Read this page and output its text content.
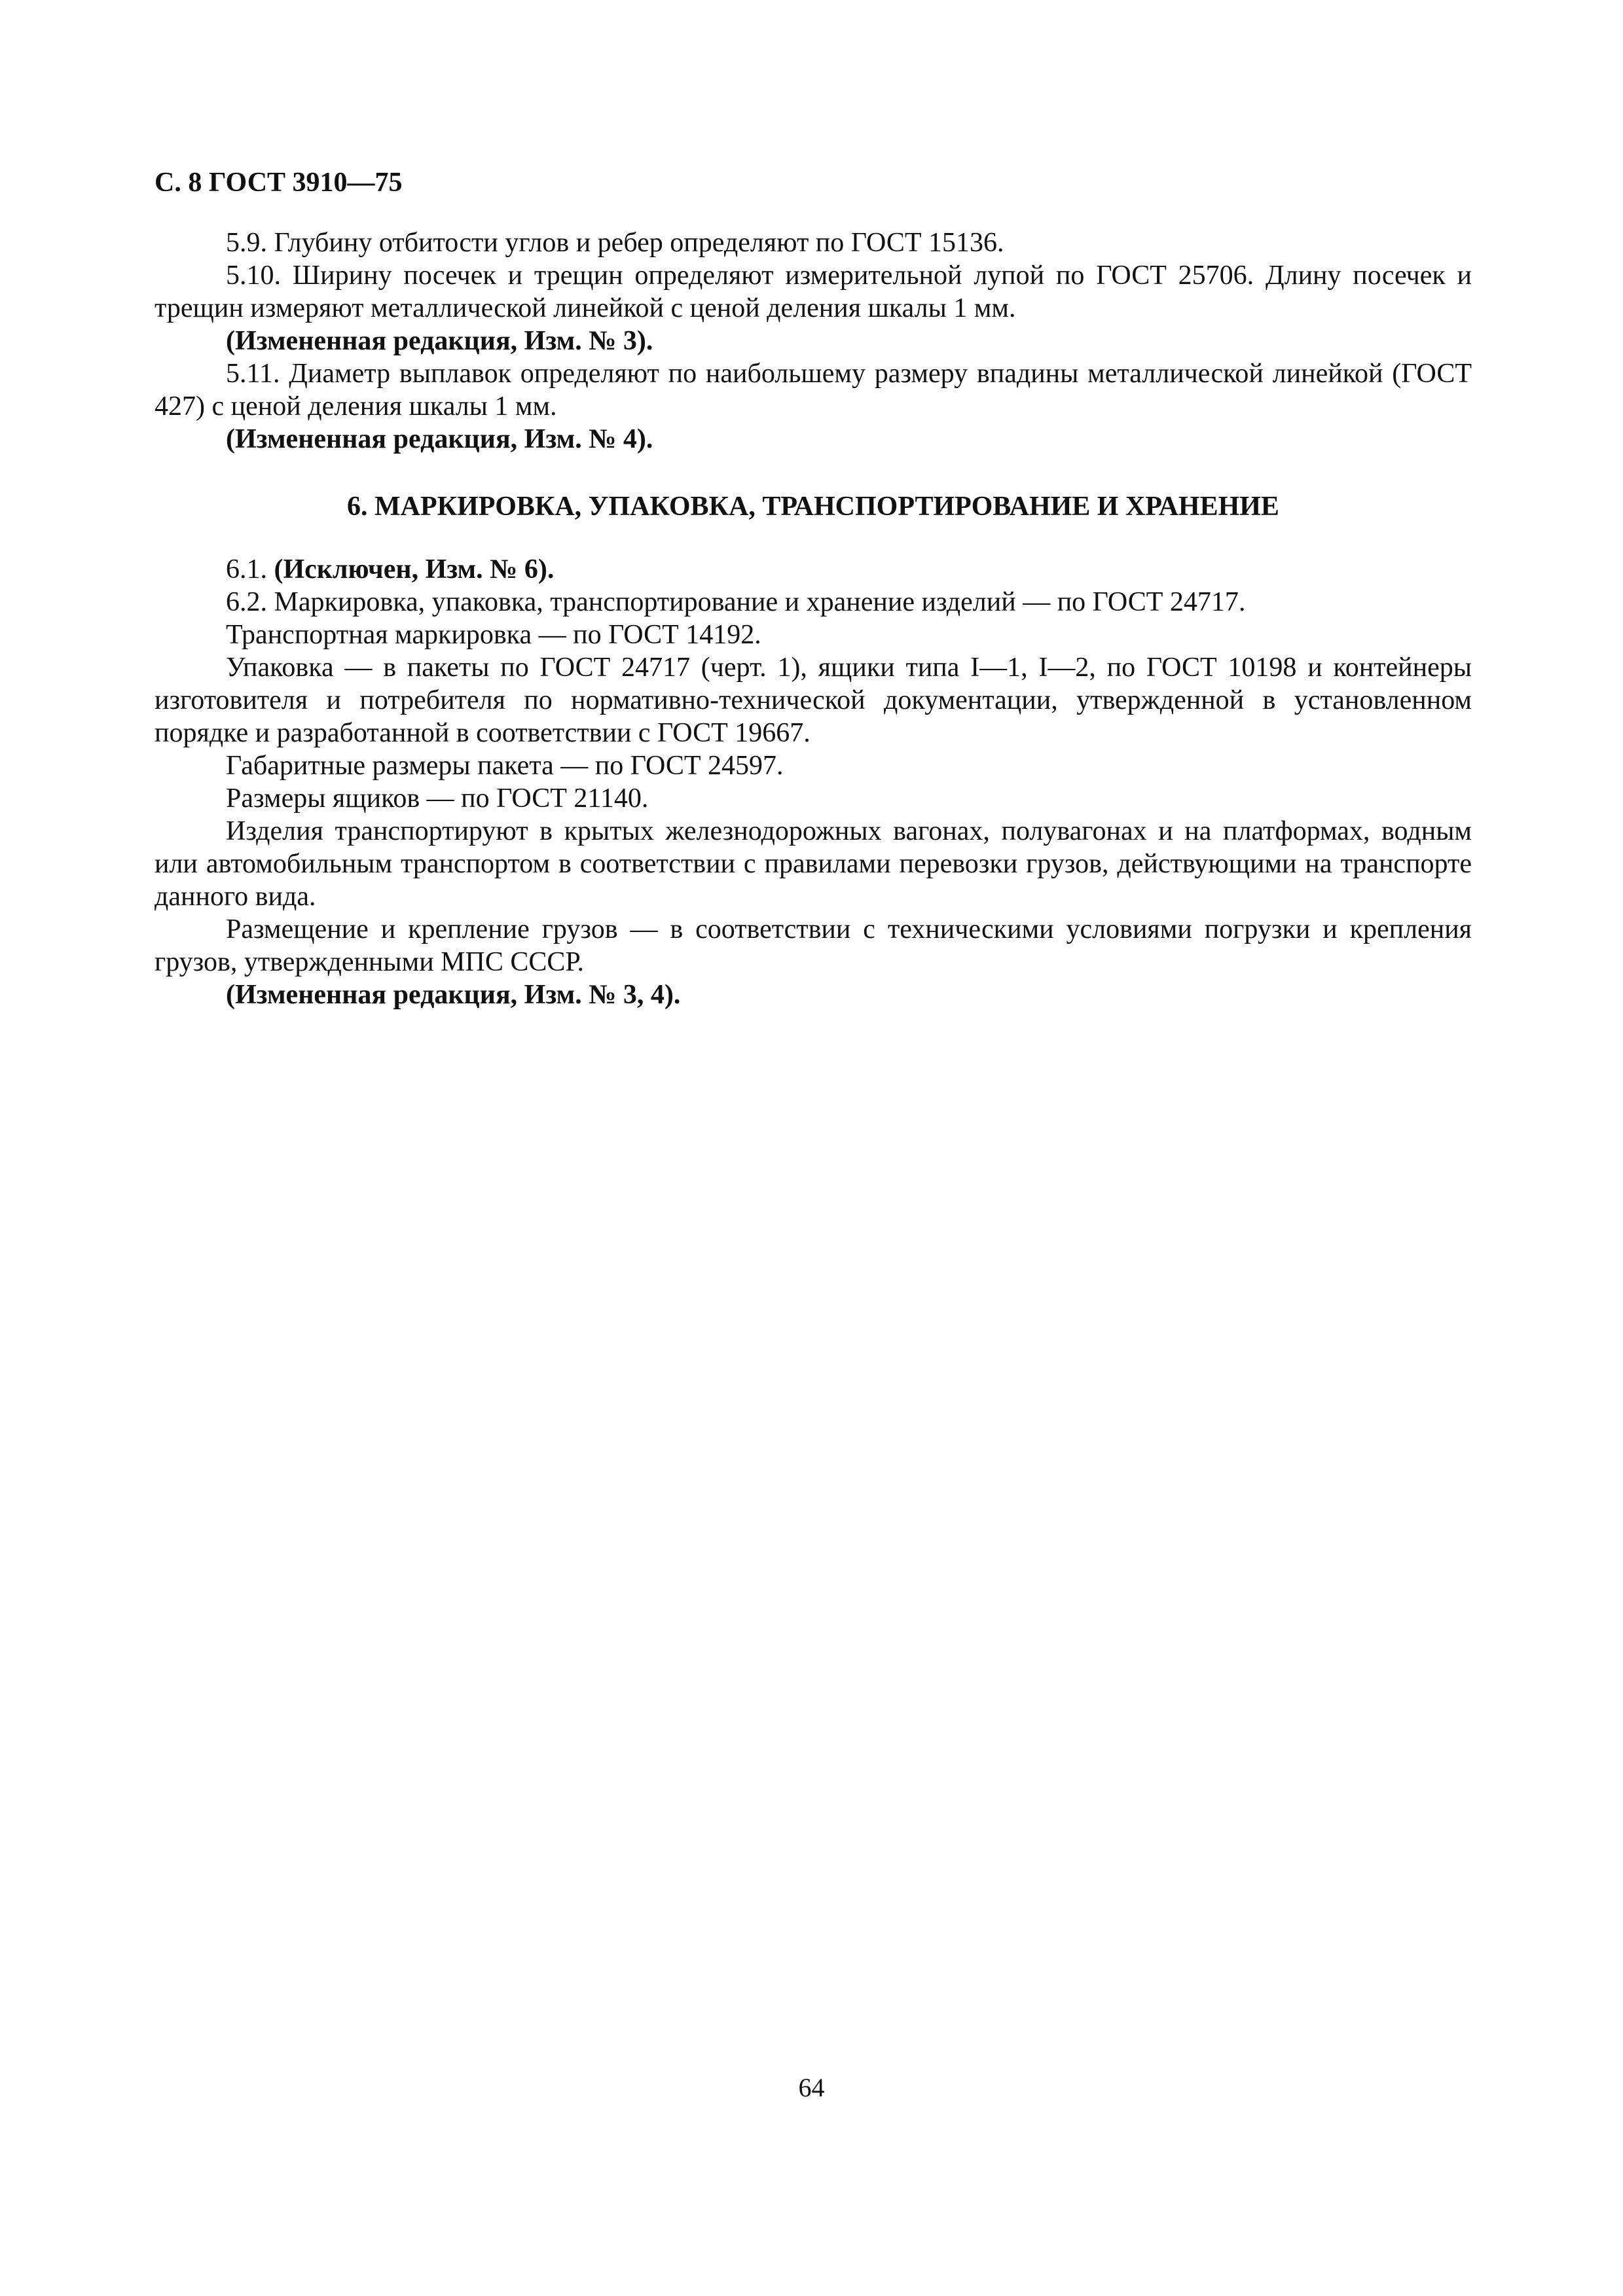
С. 8 ГОСТ 3910—75

5.9. Глубину отбитости углов и ребер определяют по ГОСТ 15136.

5.10. Ширину посечек и трещин определяют измерительной лупой по ГОСТ 25706. Длину посечек и трещин измеряют металлической линейкой с ценой деления шкалы 1 мм.

(Измененная редакция, Изм. № 3).

5.11. Диаметр выплавок определяют по наибольшему размеру впадины металлической линейкой (ГОСТ 427) с ценой деления шкалы 1 мм.

(Измененная редакция, Изм. № 4).

6. МАРКИРОВКА, УПАКОВКА, ТРАНСПОРТИРОВАНИЕ И ХРАНЕНИЕ

6.1. (Исключен, Изм. № 6).

6.2. Маркировка, упаковка, транспортирование и хранение изделий — по ГОСТ 24717.

Транспортная маркировка — по ГОСТ 14192.

Упаковка — в пакеты по ГОСТ 24717 (черт. 1), ящики типа I—1, I—2, по ГОСТ 10198 и контейнеры изготовителя и потребителя по нормативно-технической документации, утвержденной в установленном порядке и разработанной в соответствии с ГОСТ 19667.

Габаритные размеры пакета — по ГОСТ 24597.

Размеры ящиков — по ГОСТ 21140.

Изделия транспортируют в крытых железнодорожных вагонах, полувагонах и на платформах, водным или автомобильным транспортом в соответствии с правилами перевозки грузов, действующими на транспорте данного вида.

Размещение и крепление грузов — в соответствии с техническими условиями погрузки и крепления грузов, утвержденными МПС СССР.

(Измененная редакция, Изм. № 3, 4).

64
